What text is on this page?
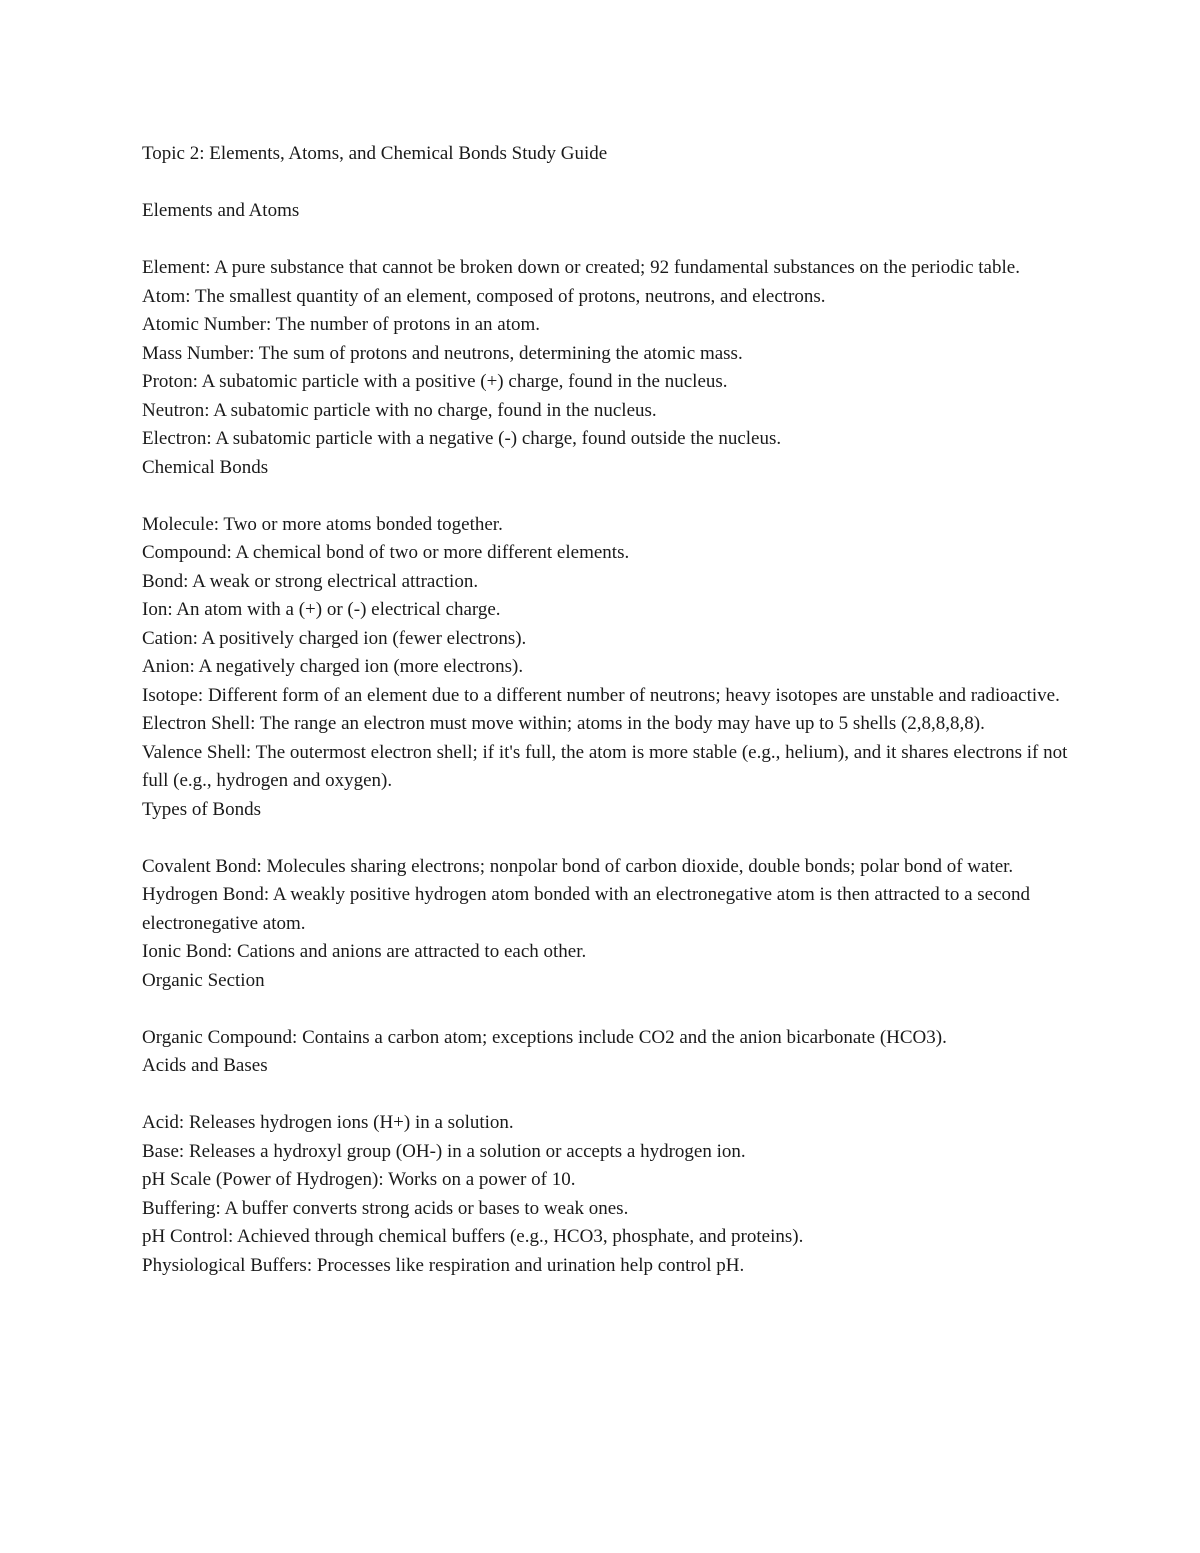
Topic 2: Elements, Atoms, and Chemical Bonds Study Guide

Elements and Atoms

Element: A pure substance that cannot be broken down or created; 92 fundamental substances on the periodic table.

Atom: The smallest quantity of an element, composed of protons, neutrons, and electrons.

Atomic Number: The number of protons in an atom.

Mass Number: The sum of protons and neutrons, determining the atomic mass.

Proton: A subatomic particle with a positive (+) charge, found in the nucleus.

Neutron: A subatomic particle with no charge, found in the nucleus.

Electron: A subatomic particle with a negative (-) charge, found outside the nucleus.

Chemical Bonds

Molecule: Two or more atoms bonded together.

Compound: A chemical bond of two or more different elements.

Bond: A weak or strong electrical attraction.

Ion: An atom with a (+) or (-) electrical charge.

Cation: A positively charged ion (fewer electrons).

Anion: A negatively charged ion (more electrons).

Isotope: Different form of an element due to a different number of neutrons; heavy isotopes are unstable and radioactive.

Electron Shell: The range an electron must move within; atoms in the body may have up to 5 shells (2,8,8,8,8).

Valence Shell: The outermost electron shell; if it's full, the atom is more stable (e.g., helium), and it shares electrons if not full (e.g., hydrogen and oxygen).

Types of Bonds

Covalent Bond: Molecules sharing electrons; nonpolar bond of carbon dioxide, double bonds; polar bond of water.

Hydrogen Bond: A weakly positive hydrogen atom bonded with an electronegative atom is then attracted to a second electronegative atom.

Ionic Bond: Cations and anions are attracted to each other.

Organic Section

Organic Compound: Contains a carbon atom; exceptions include CO2 and the anion bicarbonate (HCO3).

Acids and Bases

Acid: Releases hydrogen ions (H+) in a solution.

Base: Releases a hydroxyl group (OH-) in a solution or accepts a hydrogen ion.

pH Scale (Power of Hydrogen): Works on a power of 10.

Buffering: A buffer converts strong acids or bases to weak ones.

pH Control: Achieved through chemical buffers (e.g., HCO3, phosphate, and proteins).

Physiological Buffers: Processes like respiration and urination help control pH.
